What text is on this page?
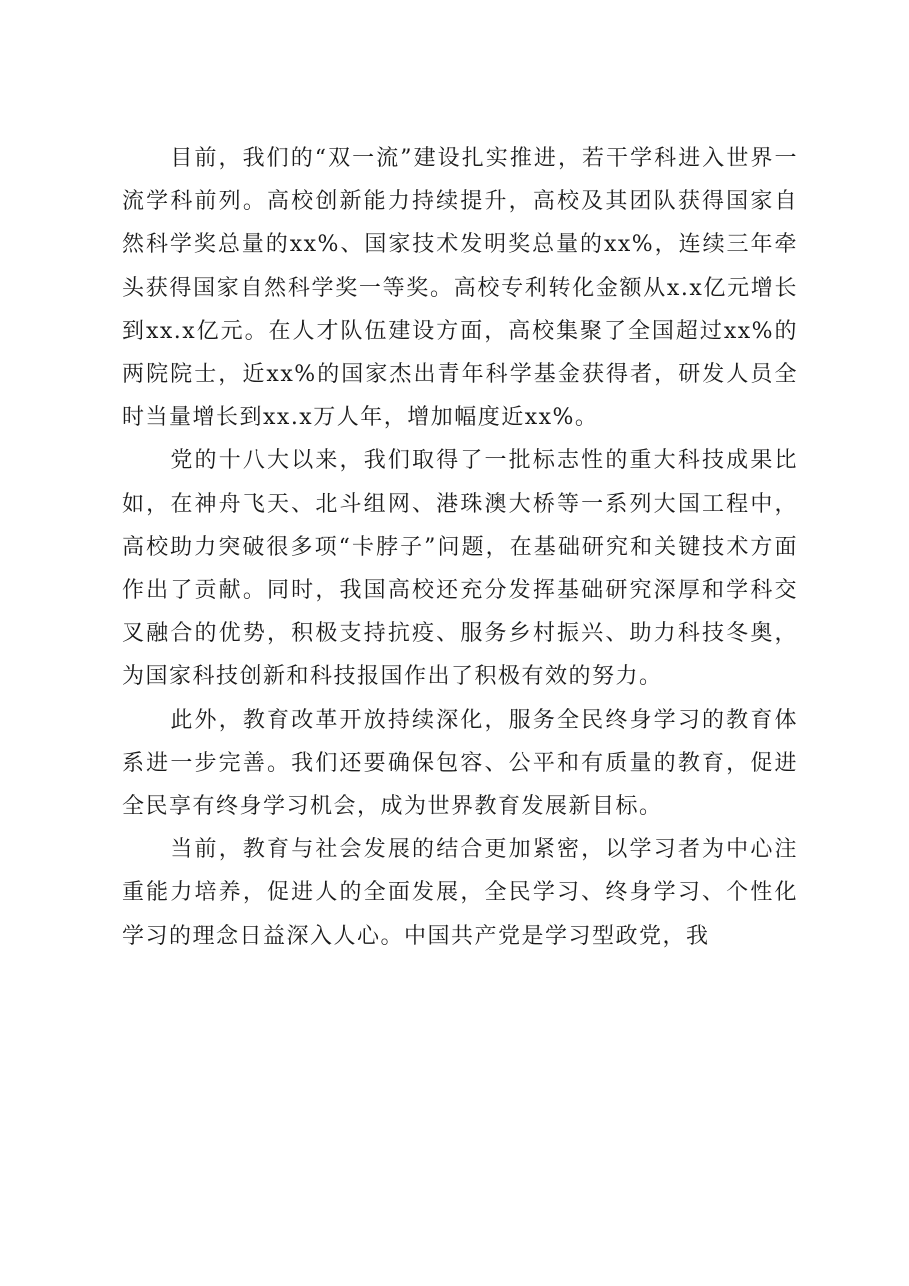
目前，我们的“双一流”建设扎实推进，若干学科进入世界一流学科前列。高校创新能力持续提升，高校及其团队获得国家自然科学奖总量的xx%、国家技术发明奖总量的xx%，连续三年牵头获得国家自然科学奖一等奖。高校专利转化金额从x.x亿元增长到xx.x亿元。在人才队伍建设方面，高校集聚了全国超过xx%的两院院士，近xx%的国家杰出青年科学基金获得者，研发人员全时当量增长到xx.x万人年，增加幅度近xx%。

党的十八大以来，我们取得了一批标志性的重大科技成果比如，在神舟飞天、北斗组网、港珠澳大桥等一系列大国工程中，高校助力突破很多项“卡脖子”问题，在基础研究和关键技术方面作出了贡献。同时，我国高校还充分发挥基础研究深厚和学科交叉融合的优势，积极支持抗疫、服务乡村振兴、助力科技冬奥，为国家科技创新和科技报国作出了积极有效的努力。

此外，教育改革开放持续深化，服务全民终身学习的教育体系进一步完善。我们还要确保包容、公平和有质量的教育，促进全民享有终身学习机会，成为世界教育发展新目标。

当前，教育与社会发展的结合更加紧密，以学习者为中心注重能力培养，促进人的全面发展，全民学习、终身学习、个性化学习的理念日益深入人心。中国共产党是学习型政党，我
